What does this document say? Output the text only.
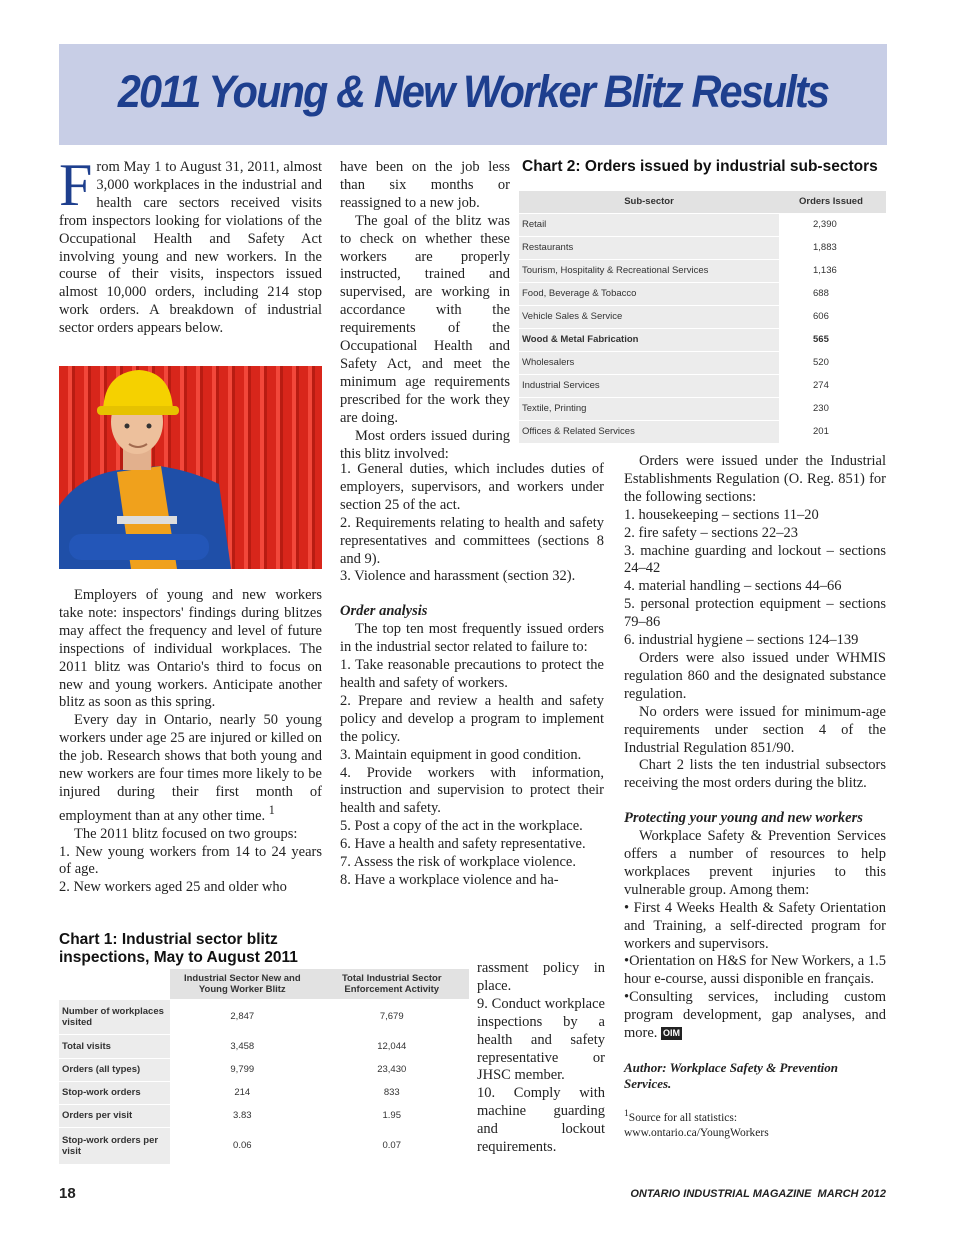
2011 Young & New Worker Blitz Results

From May 1 to August 31, 2011, almost 3,000 workplaces in the industrial and health care sectors received visits from inspectors looking for violations of the Occupational Health and Safety Act involving young and new workers. In the course of their visits, inspectors issued almost 10,000 orders, including 214 stop work orders. A breakdown of industrial sector orders appears below.

Employers of young and new workers take note: inspectors' findings during blitzes may affect the frequency and level of future inspections of individual workplaces. The 2011 blitz was Ontario's third to focus on new and young workers. Anticipate another blitz as soon as this spring.

Every day in Ontario, nearly 50 young workers under age 25 are injured or killed on the job. Research shows that both young and new workers are four times more likely to be injured during their first month of employment than at any other time. $^1$

The 2011 blitz focused on two groups:

1. New young workers from 14 to 24 years of age.

2. New workers aged 25 and older who

Chart 1: Industrial sector blitz inspections, May to August 2011
	Industrial Sector New and Young Worker Blitz	Total Industrial Sector Enforcement Activity
Number of workplaces visited	2,847	7,679
Total visits	3,458	12,044
Orders (all types)	9,799	23,430
Stop-work orders	214	833
Orders per visit	3.83	1.95
Stop-work orders per visit	0.06	0.07

have been on the job less than six months or reassigned to a new job.

The goal of the blitz was to check on whether these workers are properly instructed, trained and supervised, are working in accordance with the requirements of the Occupational Health and Safety Act, and meet the minimum age requirements prescribed for the work they are doing.

Most orders issued during this blitz involved:

1. General duties, which includes duties of employers, supervisors, and workers under section 25 of the act.

2. Requirements relating to health and safety representatives and committees (sections 8 and 9).

3. Violence and harassment (section 32).

Order analysis

The top ten most frequently issued orders in the industrial sector related to failure to:

1. Take reasonable precautions to protect the health and safety of workers.

2. Prepare and review a health and safety policy and develop a program to implement the policy.

3. Maintain equipment in good condition.

4. Provide workers with information, instruction and supervision to protect their health and safety.

5. Post a copy of the act in the workplace.

6. Have a health and safety representative.

7. Assess the risk of workplace violence.

8. Have a workplace violence and ha-

rassment policy in place.

9. Conduct workplace inspections by a health and safety representative or JHSC member.

10. Comply with machine guarding and lockout requirements.

Chart 2: Orders issued by industrial sub-sectors
Sub-sector	Orders Issued
Retail	2,390
Restaurants	1,883
Tourism, Hospitality & Recreational Services	1,136
Food, Beverage & Tobacco	688
Vehicle Sales & Service	606
Wood & Metal Fabrication	565
Wholesalers	520
Industrial Services	274
Textile, Printing	230
Offices & Related Services	201

Orders were issued under the Industrial Establishments Regulation (O. Reg. 851) for the following sections:

1. housekeeping – sections 11–20

2. fire safety – sections 22–23

3. machine guarding and lockout – sections 24–42

4. material handling – sections 44–66

5. personal protection equipment – sections 79–86

6. industrial hygiene – sections 124–139

Orders were also issued under WHMIS regulation 860 and the designated substance regulation.

No orders were issued for minimum-age requirements under section 4 of the Industrial Regulation 851/90.

Chart 2 lists the ten industrial subsectors receiving the most orders during the blitz.

Protecting your young and new workers

Workplace Safety & Prevention Services offers a number of resources to help workplaces prevent injuries to this vulnerable group. Among them:

• First 4 Weeks Health & Safety Orientation and Training, a self-directed program for workers and supervisors.

•Orientation on H&S for New Workers, a 1.5 hour e-course, aussi disponible en français.

•Consulting services, including custom program development, gap analyses, and more. OIM

Author: Workplace Safety & Prevention Services.

$^1$Source for all statistics:

www.ontario.ca/YoungWorkers

18	ONTARIO INDUSTRIAL MAGAZINE  MARCH 2012
